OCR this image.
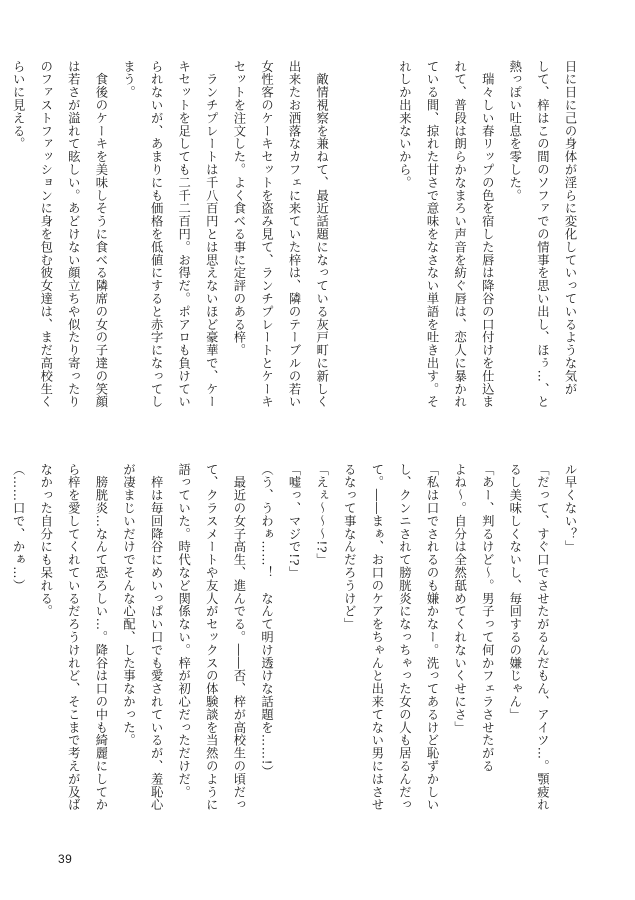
日に日に己の身体が淫らに変化していっているような気が
して、梓はこの間のソファでの情事を思い出し、ほぅ…、と
熱っぽい吐息を零した。
　瑞々しい春リップの色を宿した唇は降谷の口付けを仕込ま
れて、普段は朗らかなまろい声音を紡ぐ唇は、恋人に暴かれ
ている間、掠れた甘さで意味をなさない単語を吐き出す。そ
れしか出来ないから。
　敵情視察を兼ねて、最近話題になっている灰戸町に新しく
出来たお洒落なカフェに来ていた梓は、隣のテーブルの若い
女性客のケーキセットを盗み見て、ランチプレートとケーキ
セットを注文した。よく食べる事に定評のある梓。
　ランチプレートは千八百円とは思えないほど豪華で、ケー
キセットを足しても二千二百円。お得だ。ポアロも負けてい
られないが、あまりにも価格を低値にすると赤字になってし
まう。
　食後のケーキを美味しそうに食べる隣席の女の子達の笑顔
は若さが溢れて眩しい。あどけない顔立ちや似たり寄ったり
のファストファッションに身を包む彼女達は、まだ高校生く
らいに見える。
ル早くない？」
「だって、すぐ口でさせたがるんだもん、アイツ…。顎疲れ
るし美味しくないし、毎回するの嫌じゃん」
「あー、判るけど～。男子って何かフェラさせたがる
よね～。自分は全然舐めてくれないくせにさ」
「私は口でされるのも嫌かなー。洗ってあるけど恥ずかしい
し、クンニされて膀胱炎になっちゃった女の人も居るんだっ
て。――まぁ、お口のケアをちゃんと出来てない男にはさせ
るなって事なんだろうけど」
「えぇ～～～!?」
「嘘っ、マジで!?」
（う、うわぁ……！　なんて明け透けな話題を……!）
　最近の女子高生、進んでる。――否、梓が高校生の頃だっ
て、クラスメートや友人がセックスの体験談を当然のように
語っていた。時代など関係ない。梓が初心だっただけだ。
　梓は毎回降谷にめいっぱい口でも愛されているが、羞恥心
が凄まじいだけでそんな心配、した事なかった。
　膀胱炎…なんて恐ろしい…。降谷は口の中も綺麗にしてか
ら梓を愛してくれているだろうけれど、そこまで考えが及ば
なかった自分にも呆れる。
（……口で、かぁ…）
39
